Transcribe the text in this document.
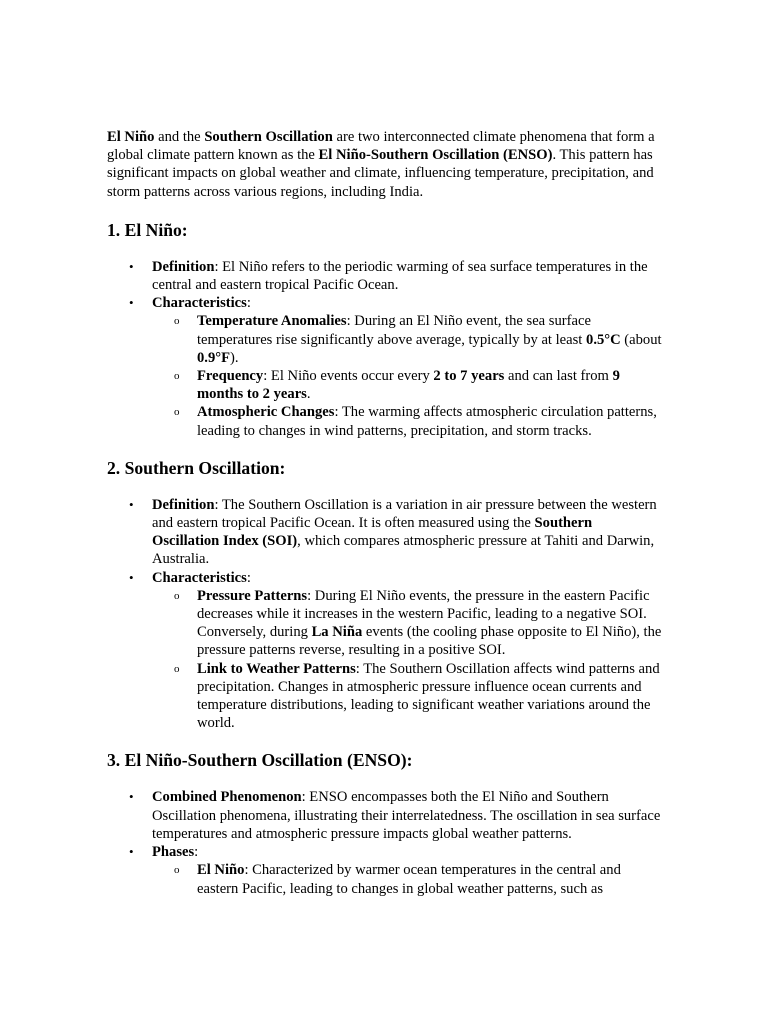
El Niño and the Southern Oscillation are two interconnected climate phenomena that form a global climate pattern known as the El Niño-Southern Oscillation (ENSO). This pattern has significant impacts on global weather and climate, influencing temperature, precipitation, and storm patterns across various regions, including India.

1. El Niño:
• Definition: El Niño refers to the periodic warming of sea surface temperatures in the central and eastern tropical Pacific Ocean.
• Characteristics:
o Temperature Anomalies: During an El Niño event, the sea surface temperatures rise significantly above average, typically by at least 0.5°C (about 0.9°F).
o Frequency: El Niño events occur every 2 to 7 years and can last from 9 months to 2 years.
o Atmospheric Changes: The warming affects atmospheric circulation patterns, leading to changes in wind patterns, precipitation, and storm tracks.
2. Southern Oscillation:
• Definition: The Southern Oscillation is a variation in air pressure between the western and eastern tropical Pacific Ocean. It is often measured using the Southern Oscillation Index (SOI), which compares atmospheric pressure at Tahiti and Darwin, Australia.
• Characteristics:
o Pressure Patterns: During El Niño events, the pressure in the eastern Pacific decreases while it increases in the western Pacific, leading to a negative SOI. Conversely, during La Niña events (the cooling phase opposite to El Niño), the pressure patterns reverse, resulting in a positive SOI.
o Link to Weather Patterns: The Southern Oscillation affects wind patterns and precipitation. Changes in atmospheric pressure influence ocean currents and temperature distributions, leading to significant weather variations around the world.
3. El Niño-Southern Oscillation (ENSO):
• Combined Phenomenon: ENSO encompasses both the El Niño and Southern Oscillation phenomena, illustrating their interrelatedness. The oscillation in sea surface temperatures and atmospheric pressure impacts global weather patterns.
• Phases:
o El Niño: Characterized by warmer ocean temperatures in the central and eastern Pacific, leading to changes in global weather patterns, such as
